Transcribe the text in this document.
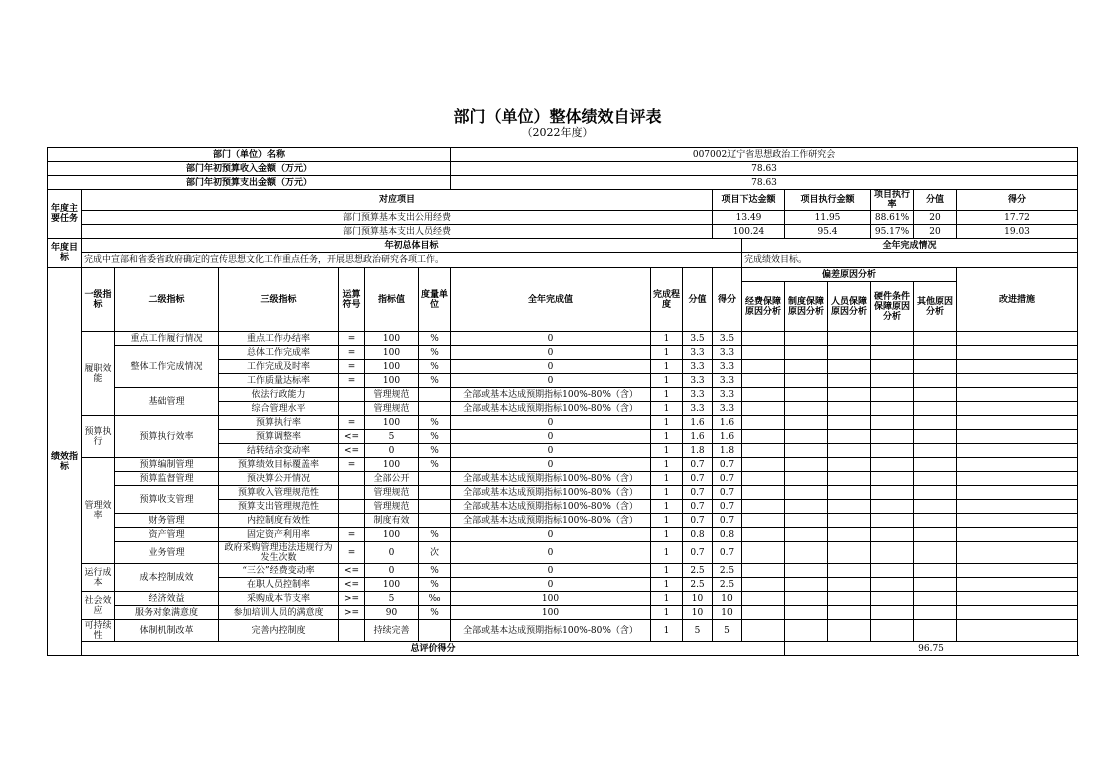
部门（单位）整体绩效自评表
（2022年度）
部门（单位）名称							007002辽宁省思想政治工作研究会									
部门年初预算收入金额（万元）							78.63									
部门年初预算支出金额（万元）							78.63									
年度主要任务	对应项目									项目下达金额		项目执行金额		项目执行率	分值	得分
	部门预算基本支出公用经费									13.49		11.95		88.61%	20	17.72
	部门预算基本支出人员经费									100.24		95.4		95.17%	20	19.03
年度目标	年初总体目标										全年完成情况					
	完成中宣部和省委省政府确定的宣传思想文化工作重点任务，开展思想政治研究各项工作。										完成绩效目标。					
绩效指标	一级指标	二级指标	三级指标	运算符号	指标值	度量单位	全年完成值	完成程度	分值	得分	偏差原因分析					改进措施
											经费保障原因分析	制度保障原因分析	人员保障原因分析	硬件条件保障原因分析	其他原因分析	
	履职效能	重点工作履行情况	重点工作办结率	=	100	%	0	1	3.5	3.5						
		整体工作完成情况	总体工作完成率	=	100	%	0	1	3.3	3.3						
			工作完成及时率	=	100	%	0	1	3.3	3.3						
			工作质量达标率	=	100	%	0	1	3.3	3.3						
		基础管理	依法行政能力		管理规范		全部或基本达成预期指标100%-80%（含）	1	3.3	3.3						
			综合管理水平		管理规范		全部或基本达成预期指标100%-80%（含）	1	3.3	3.3						
	预算执行	预算执行效率	预算执行率	=	100	%	0	1	1.6	1.6						
			预算调整率	<=	5	%	0	1	1.6	1.6						
			结转结余变动率	<=	0	%	0	1	1.8	1.8						
	管理效率	预算编制管理	预算绩效目标覆盖率	=	100	%	0	1	0.7	0.7						
		预算监督管理	预决算公开情况		全部公开		全部或基本达成预期指标100%-80%（含）	1	0.7	0.7						
		预算收支管理	预算收入管理规范性		管理规范		全部或基本达成预期指标100%-80%（含）	1	0.7	0.7						
			预算支出管理规范性		管理规范		全部或基本达成预期指标100%-80%（含）	1	0.7	0.7						
		财务管理	内控制度有效性		制度有效		全部或基本达成预期指标100%-80%（含）	1	0.7	0.7						
		资产管理	固定资产利用率	=	100	%	0	1	0.8	0.8						
		业务管理	政府采购管理违法违规行为发生次数	=	0	次	0	1	0.7	0.7						
	运行成本	成本控制成效	“三公”经费变动率	<=	0	%	0	1	2.5	2.5						
			在职人员控制率	<=	100	%	0	1	2.5	2.5						
	社会效应	经济效益	采购成本节支率	>=	5	‰	100	1	10	10						
		服务对象满意度	参加培训人员的满意度	>=	90	%	100	1	10	10						
	可持续性	体制机制改革	完善内控制度		持续完善		全部或基本达成预期指标100%-80%（含）	1	5	5						
	总评价得分											96.75				
